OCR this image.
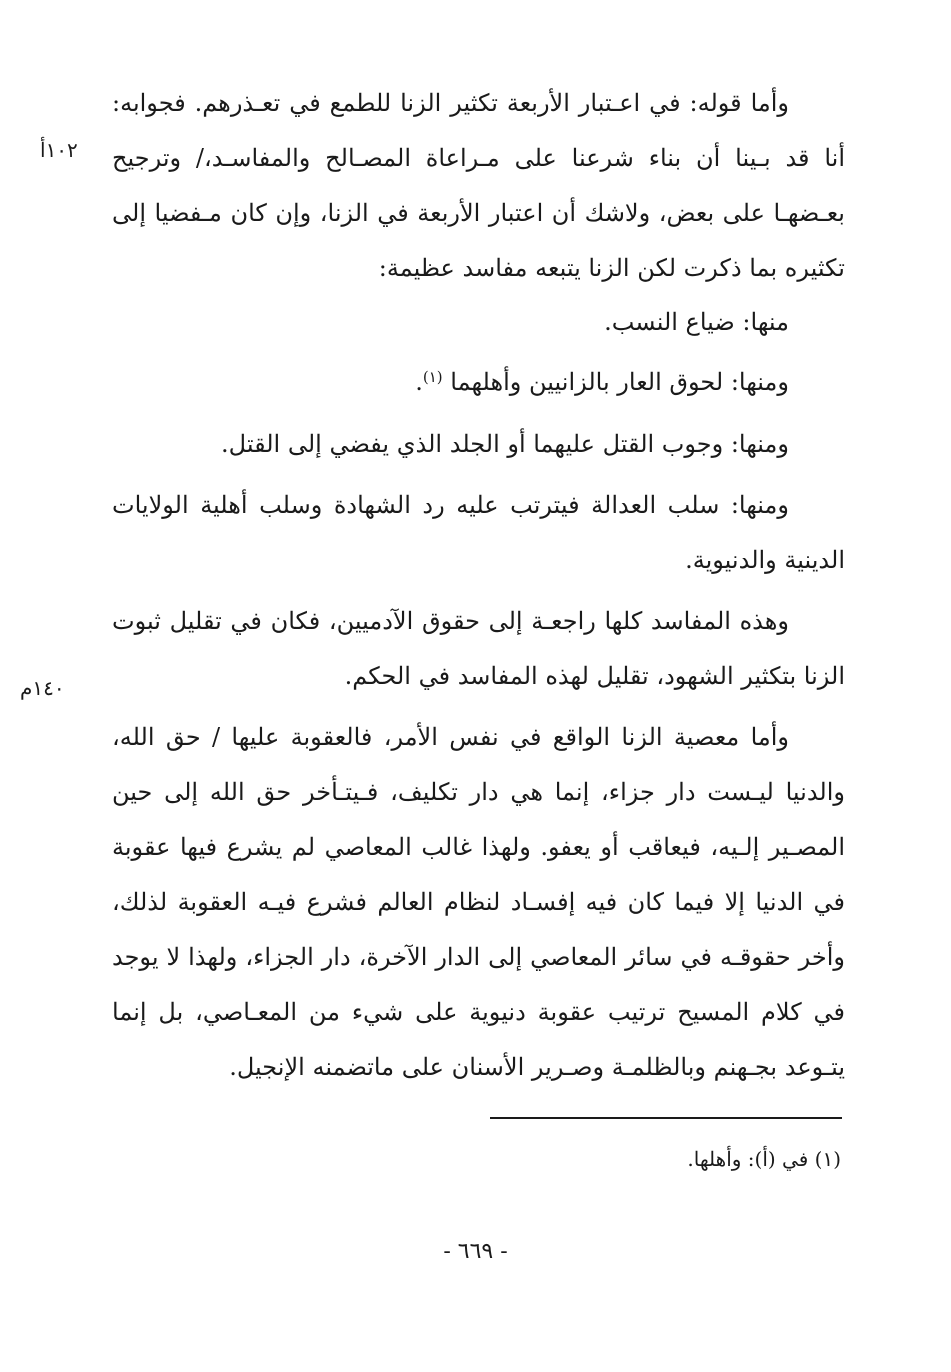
وأما قوله: في اعـتبار الأربعة تكثير الزنا للطمع في تعـذرهم. فجوابه: أنا قد بـينا أن بناء شرعنا على مـراعاة المصـالح والمفاسـد،/ وترجيح بعـضهـا على بعض، ولاشك أن اعتبار الأربعة في الزنا، وإن كان مـفضيا إلى تكثيره بما ذكرت لكن الزنا يتبعه مفاسد عظيمة:

منها: ضياع النسب.

ومنها: لحوق العار بالزانيين وأهلهما $^{(١)}$.

ومنها: وجوب القتل عليهما أو الجلد الذي يفضي إلى القتل.

ومنها: سلب العدالة فيترتب عليه رد الشهادة وسلب أهلية الولايات الدينية والدنيوية.

وهذه المفاسد كلها راجعـة إلى حقوق الآدميين، فكان في تقليل ثبوت الزنا بتكثير الشهود، تقليل لهذه المفاسد في الحكم.

وأما معصية الزنا الواقع في نفس الأمر، فالعقوبة عليها / حق الله، والدنيا ليـست دار جزاء، إنما هي دار تكليف، فـيتـأخر حق الله إلى حين المصـير إلـيه، فيعاقب أو يعفو. ولهذا غالب المعاصي لم يشرع فيها عقوبة في الدنيا إلا فيما كان فيه إفسـاد لنظام العالم فشرع فيـه العقوبة لذلك، وأخر حقوقـه في سائر المعاصي إلى الدار الآخرة، دار الجزاء، ولهذا لا يوجد في كلام المسيح ترتيب عقوبة دنيوية على شيء من المعـاصي، بل إنما يتـوعد بجـهنم وبالظلمـة وصـرير الأسنان على ماتضمنه الإنجيل.

١٠٢أ
١٤٠م
(١) في (أ): وأهلها.
- ٦٦٩ -
